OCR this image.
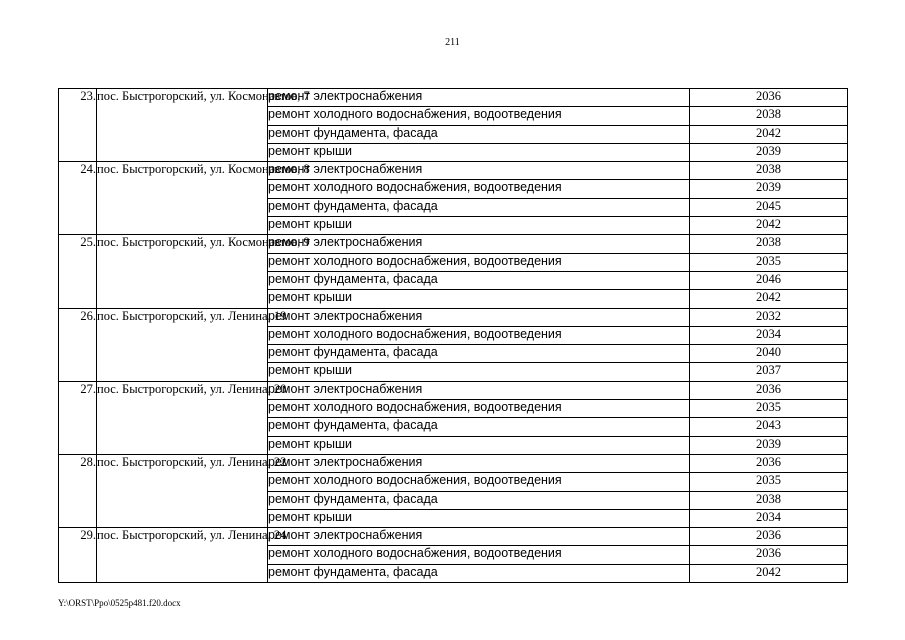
211
23.	пос. Быстрогорский, ул. Космонавтов, 7	ремонт электроснабжения	2036
		ремонт холодного водоснабжения, водоотведения	2038
		ремонт фундамента, фасада	2042
		ремонт крыши	2039
24.	пос. Быстрогорский, ул. Космонавтов, 8	ремонт электроснабжения	2038
		ремонт холодного водоснабжения, водоотведения	2039
		ремонт фундамента, фасада	2045
		ремонт крыши	2042
25.	пос. Быстрогорский, ул. Космонавтов, 9	ремонт электроснабжения	2038
		ремонт холодного водоснабжения, водоотведения	2035
		ремонт фундамента, фасада	2046
		ремонт крыши	2042
26.	пос. Быстрогорский, ул. Ленина, 19	ремонт электроснабжения	2032
		ремонт холодного водоснабжения, водоотведения	2034
		ремонт фундамента, фасада	2040
		ремонт крыши	2037
27.	пос. Быстрогорский, ул. Ленина, 20	ремонт электроснабжения	2036
		ремонт холодного водоснабжения, водоотведения	2035
		ремонт фундамента, фасада	2043
		ремонт крыши	2039
28.	пос. Быстрогорский, ул. Ленина, 22	ремонт электроснабжения	2036
		ремонт холодного водоснабжения, водоотведения	2035
		ремонт фундамента, фасада	2038
		ремонт крыши	2034
29.	пос. Быстрогорский, ул. Ленина, 24	ремонт электроснабжения	2036
		ремонт холодного водоснабжения, водоотведения	2036
		ремонт фундамента, фасада	2042
Y:\ORST\Ppo\0525p481.f20.docx
